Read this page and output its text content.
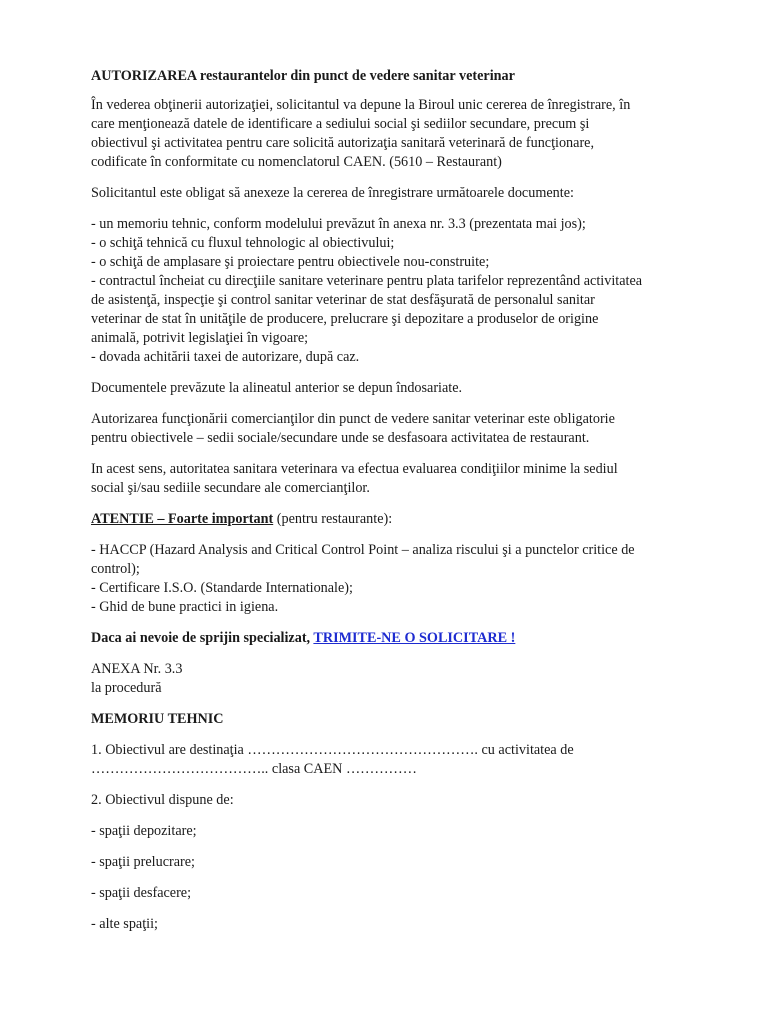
AUTORIZAREA restaurantelor din punct de vedere sanitar veterinar

În vederea obţinerii autorizaţiei, solicitantul va depune la Biroul unic cererea de înregistrare, în
care menţionează datele de identificare a sediului social şi sediilor secundare, precum şi
obiectivul şi activitatea pentru care solicită autorizaţia sanitară veterinară de funcţionare,
codificate în conformitate cu nomenclatorul CAEN. (5610 – Restaurant)

Solicitantul este obligat să anexeze la cererea de înregistrare următoarele documente:

- un memoriu tehnic, conform modelului prevăzut în anexa nr. 3.3 (prezentata mai jos);
- o schiţă tehnică cu fluxul tehnologic al obiectivului;
- o schiţă de amplasare şi proiectare pentru obiectivele nou-construite;
- contractul încheiat cu direcţiile sanitare veterinare pentru plata tarifelor reprezentând activitatea
de asistenţă, inspecţie şi control sanitar veterinar de stat desfăşurată de personalul sanitar
veterinar de stat în unităţile de producere, prelucrare şi depozitare a produselor de origine
animală, potrivit legislaţiei în vigoare;
- dovada achitării taxei de autorizare, după caz.

Documentele prevăzute la alineatul anterior se depun îndosariate.

Autorizarea funcţionării comercianţilor din punct de vedere sanitar veterinar este obligatorie
pentru obiectivele – sedii sociale/secundare unde se desfasoara activitatea de restaurant.

In acest sens, autoritatea sanitara veterinara va efectua evaluarea condiţiilor minime la sediul
social şi/sau sediile secundare ale comercianţilor.

ATENTIE – Foarte important (pentru restaurante):

- HACCP (Hazard Analysis and Critical Control Point – analiza riscului şi a punctelor critice de
control);
- Certificare I.S.O. (Standarde Internationale);
- Ghid de bune practici in igiena.

Daca ai nevoie de sprijin specializat, TRIMITE-NE O SOLICITARE !

ANEXA Nr. 3.3
la procedură

MEMORIU TEHNIC

1. Obiectivul are destinaţia …………………………………………. cu activitatea de
……………………………….. clasa CAEN ……………

2. Obiectivul dispune de:

- spaţii depozitare;

- spaţii prelucrare;

- spaţii desfacere;

- alte spaţii;
